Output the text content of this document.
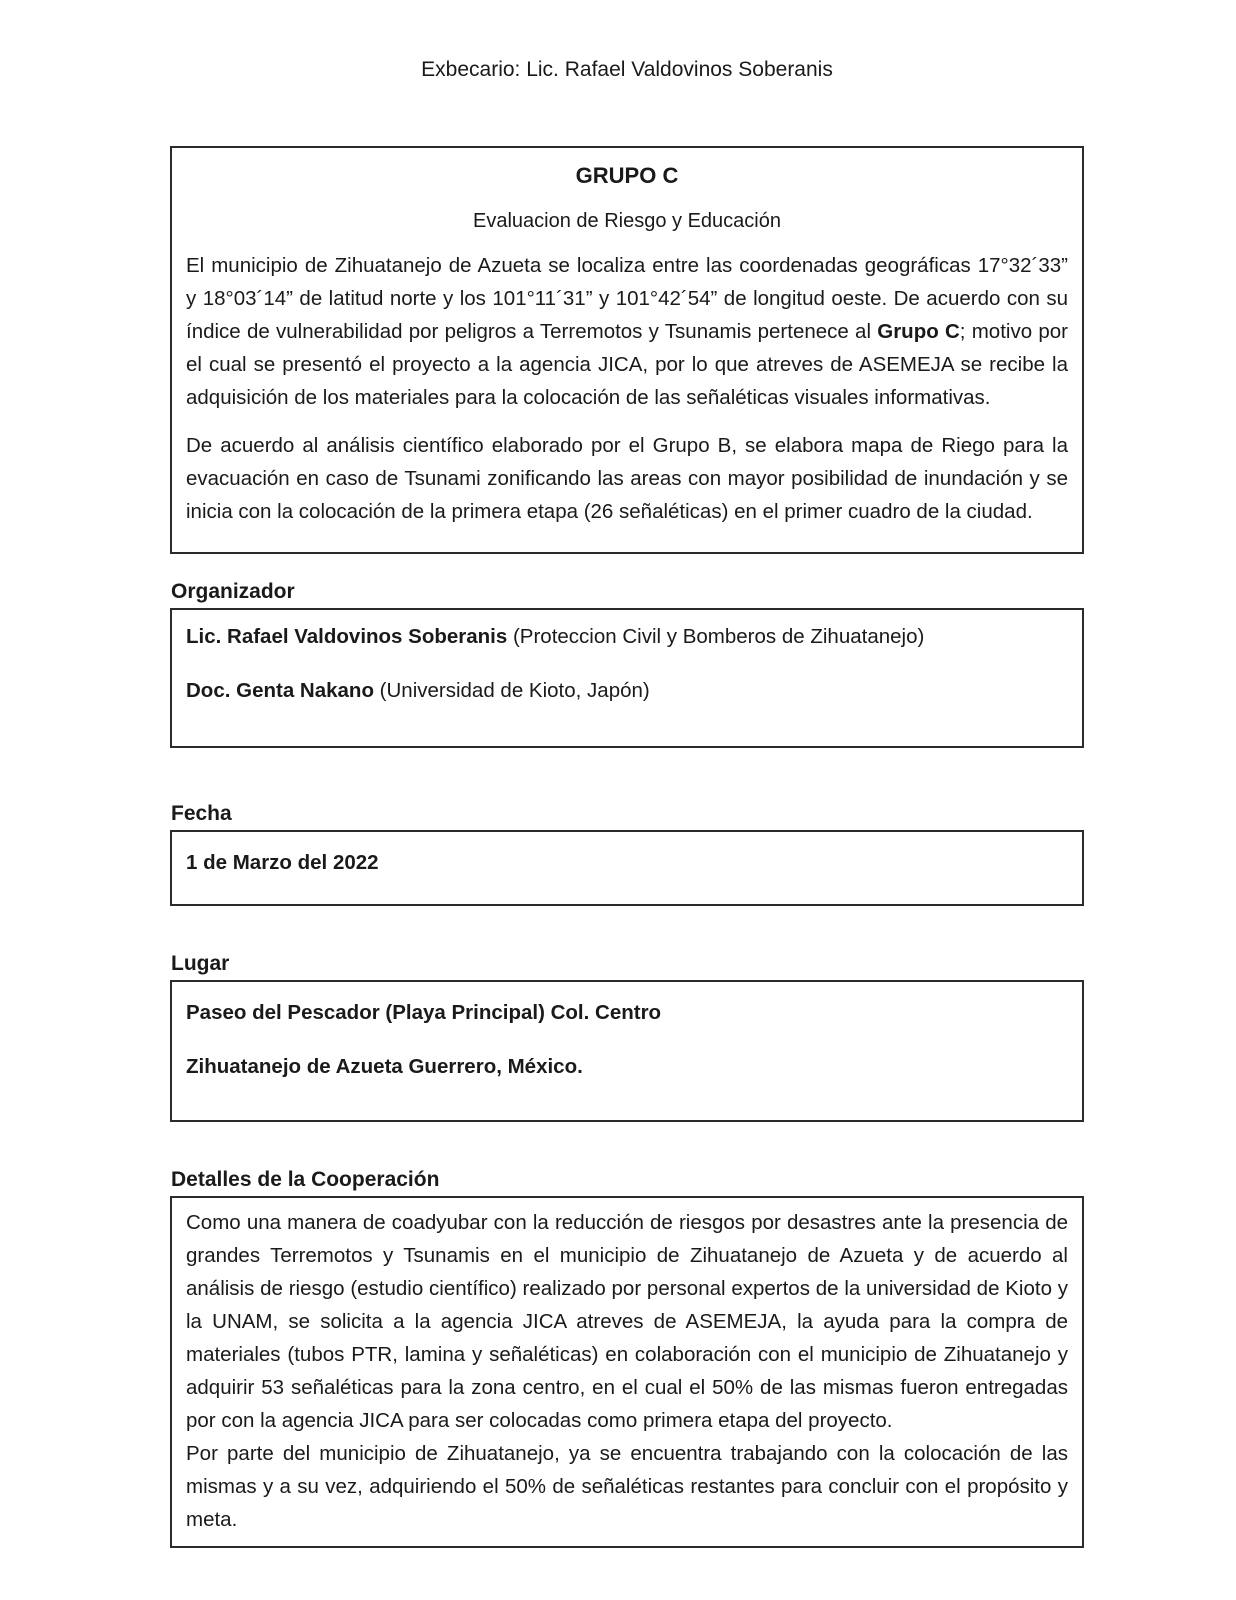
Exbecario: Lic. Rafael Valdovinos Soberanis

GRUPO C

Evaluacion de Riesgo y Educación

El municipio de Zihuatanejo de Azueta se localiza entre las coordenadas geográficas 17°32´33” y 18°03´14” de latitud norte y los 101°11´31” y 101°42´54” de longitud oeste. De acuerdo con su índice de vulnerabilidad por peligros a Terremotos y Tsunamis pertenece al Grupo C; motivo por el cual se presentó el proyecto a la agencia JICA, por lo que atreves de ASEMEJA se recibe la adquisición de los materiales para la colocación de las señaléticas visuales informativas.

De acuerdo al análisis científico elaborado por el Grupo B, se elabora mapa de Riego para la evacuación en caso de Tsunami zonificando las areas con mayor posibilidad de inundación y se inicia con la colocación de la primera etapa (26 señaléticas) en el primer cuadro de la ciudad.

Organizador

Lic. Rafael Valdovinos Soberanis (Proteccion Civil y Bomberos de Zihuatanejo)

Doc. Genta Nakano (Universidad de Kioto, Japón)

Fecha

1 de Marzo del 2022

Lugar

Paseo del Pescador (Playa Principal) Col. Centro

Zihuatanejo de Azueta Guerrero, México.

Detalles de la Cooperación

Como una manera de coadyubar con la reducción de riesgos por desastres ante la presencia de grandes Terremotos y Tsunamis en el municipio de Zihuatanejo de Azueta y de acuerdo al análisis de riesgo (estudio científico) realizado por personal expertos de la universidad de Kioto y la UNAM, se solicita a la agencia JICA atreves de ASEMEJA, la ayuda para la compra de materiales (tubos PTR, lamina y señaléticas) en colaboración con el municipio de Zihuatanejo y adquirir 53 señaléticas para la zona centro, en el cual el 50% de las mismas fueron entregadas por con la agencia JICA para ser colocadas como primera etapa del proyecto.

Por parte del municipio de Zihuatanejo, ya se encuentra trabajando con la colocación de las mismas y a su vez, adquiriendo el 50% de señaléticas restantes para concluir con el propósito y meta.
